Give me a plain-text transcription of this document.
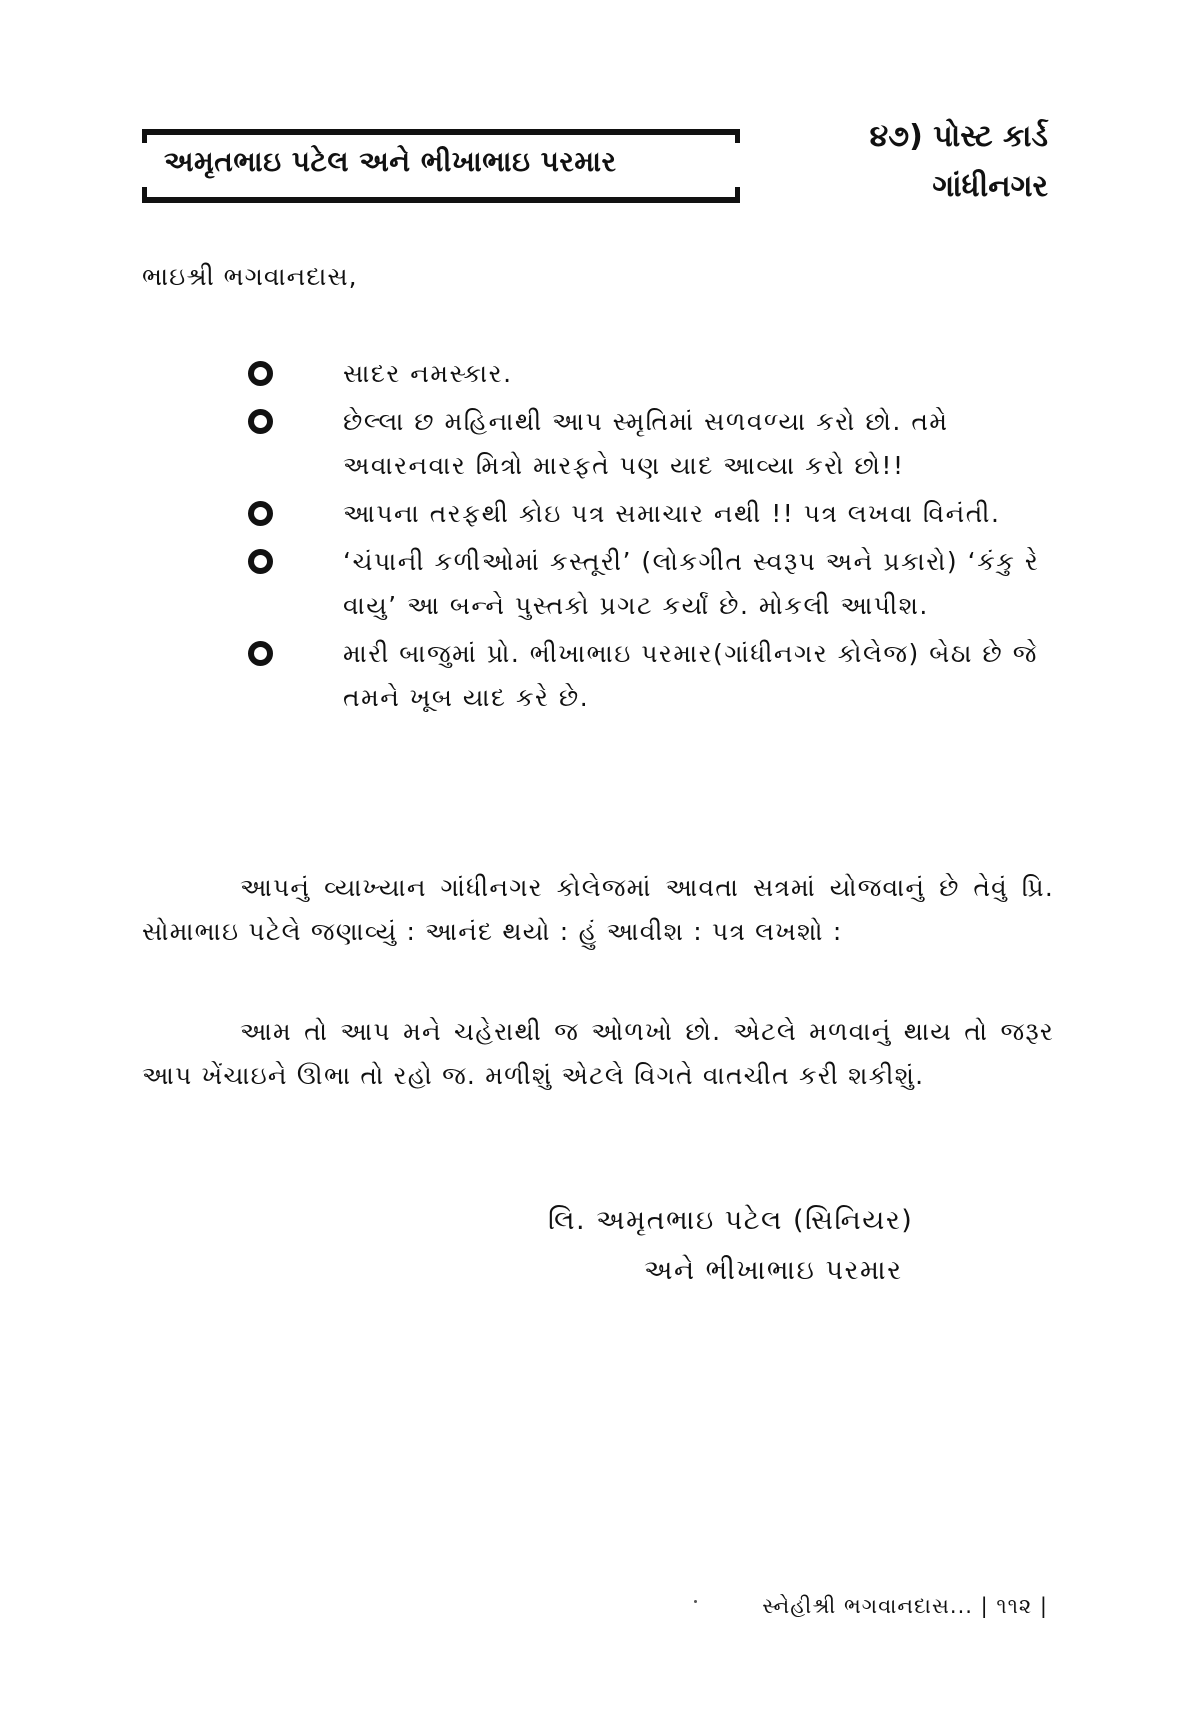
અમૃતભાઇ પટેલ અને ભીખાભાઇ પરમાર
૪૭) પોસ્ટ કાર્ડ
ગાંધીનગર
ભાઇશ્રી ભગવાનદાસ,
સાદર નમસ્કાર.
છેલ્લા છ મહિનાથી આપ સ્મૃતિમાં સળવળ્યા કરો છો. તમે અવારનવાર મિત્રો મારફતે પણ યાદ આવ્યા કરો છો!!
આપના તરફથી કોઇ પત્ર સમાચાર નથી !! પત્ર લખવા વિનંતી.
‘ચંપાની કળીઓમાં કસ્તૂરી’ (લોકગીત સ્વરૂપ અને પ્રકારો) ‘કંકુ રે વાયુ’ આ બન્ને પુસ્તકો પ્રગટ કર્યાં છે. મોકલી આપીશ.
મારી બાજુમાં પ્રો. ભીખાભાઇ પરમાર(ગાંધીનગર કોલેજ) બેઠા છે જે તમને ખૂબ યાદ કરે છે.

આપનું વ્યાખ્યાન ગાંધીનગર કોલેજમાં આવતા સત્રમાં યોજવાનું છે તેવું પ્રિ. સોમાભાઇ પટેલે જણાવ્યું : આનંદ થયો : હું આવીશ : પત્ર લખશો :

આમ તો આપ મને ચહેરાથી જ ઓળખો છો. એટલે મળવાનું થાય તો જરૂર આપ ખેંચાઇને ઊભા તો રહો જ. મળીશું એટલે વિગતે વાતચીત કરી શકીશું.

લિ. અમૃતભાઇ પટેલ (સિનિયર)
અને ભીખાભાઇ પરમાર
સ્નેહીશ્રી ભગવાનદાસ... | ૧૧૨ |
